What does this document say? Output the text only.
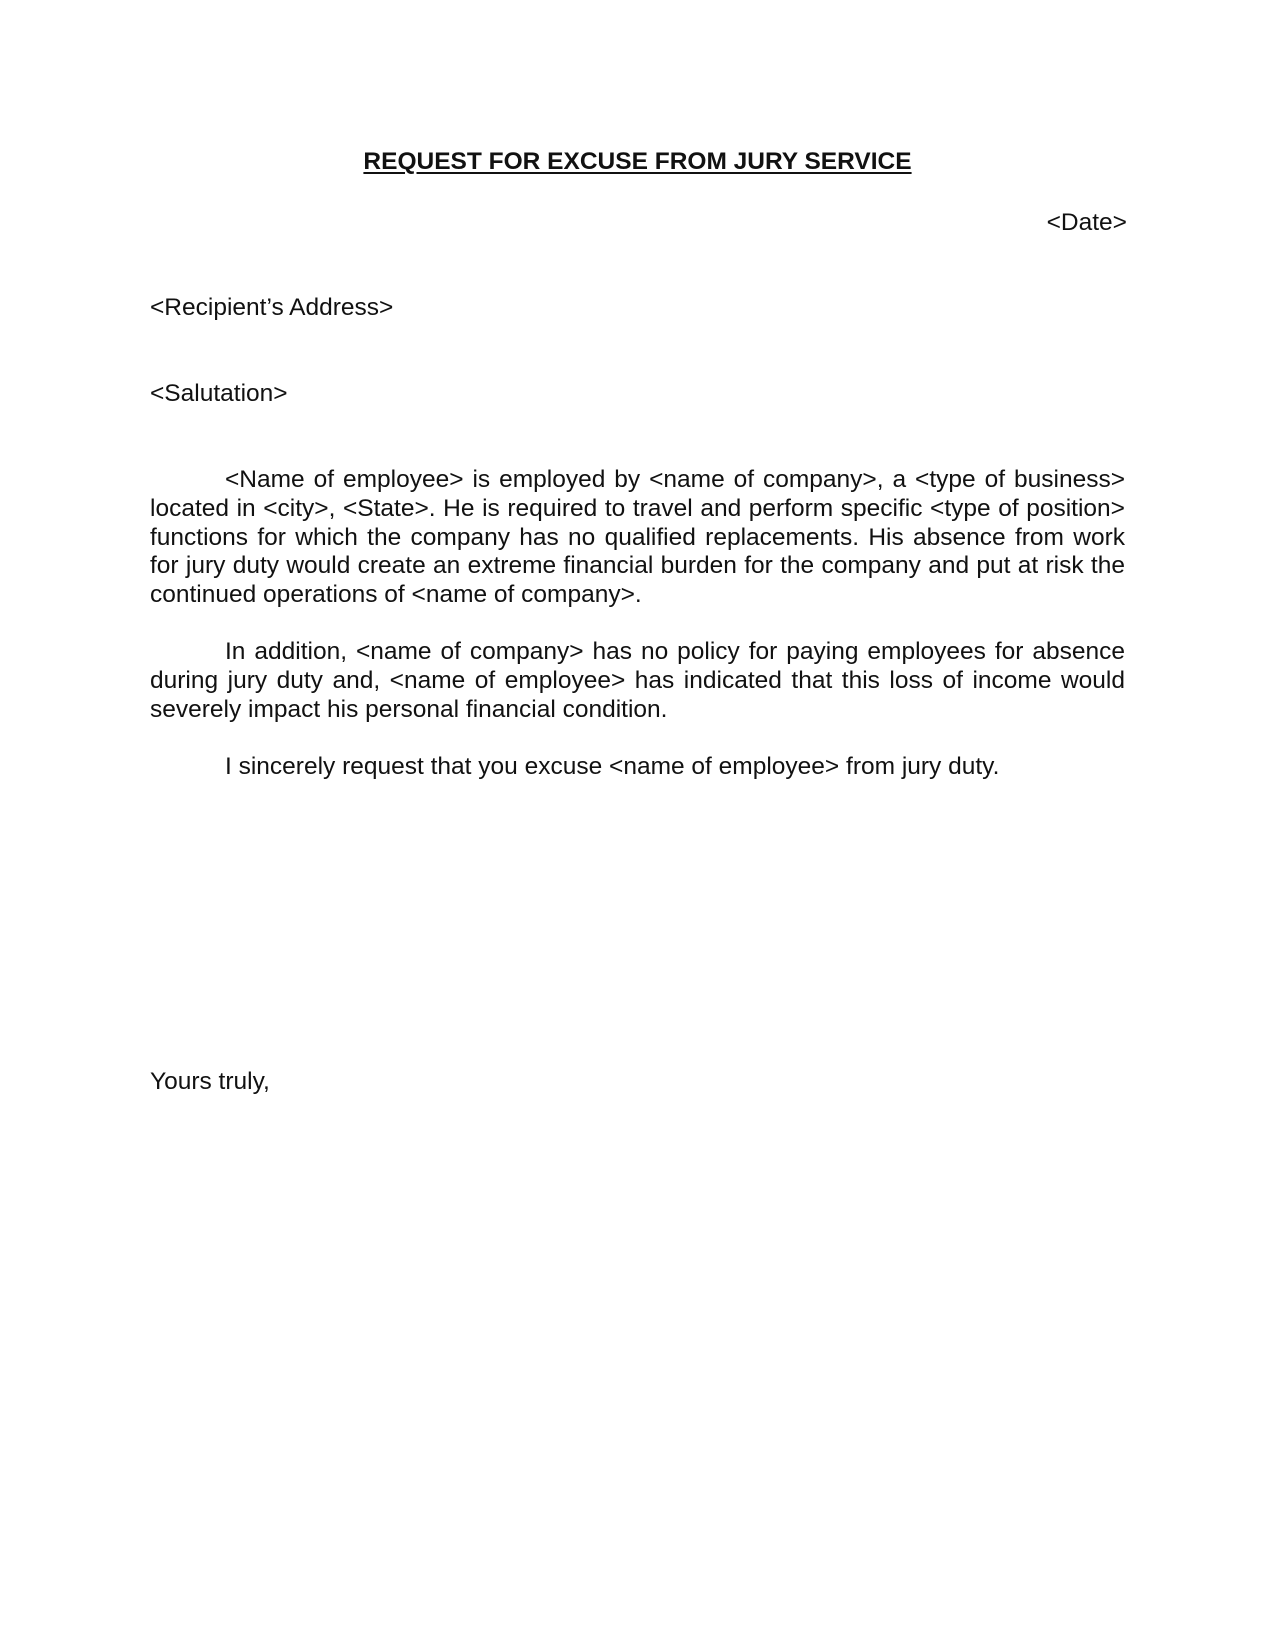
REQUEST FOR EXCUSE FROM JURY SERVICE

<Date>

<Recipient’s Address>

<Salutation>

<Name of employee> is employed by <name of company>, a <type of business> located in <city>, <State>. He is required to travel and perform specific <type of position> functions for which the company has no qualified replacements. His absence from work for jury duty would create an extreme financial burden for the company and put at risk the continued operations of <name of company>.

In addition, <name of company> has no policy for paying employees for absence during jury duty and, <name of employee> has indicated that this loss of income would severely impact his personal financial condition.

I sincerely request that you excuse <name of employee> from jury duty.

Yours truly,
